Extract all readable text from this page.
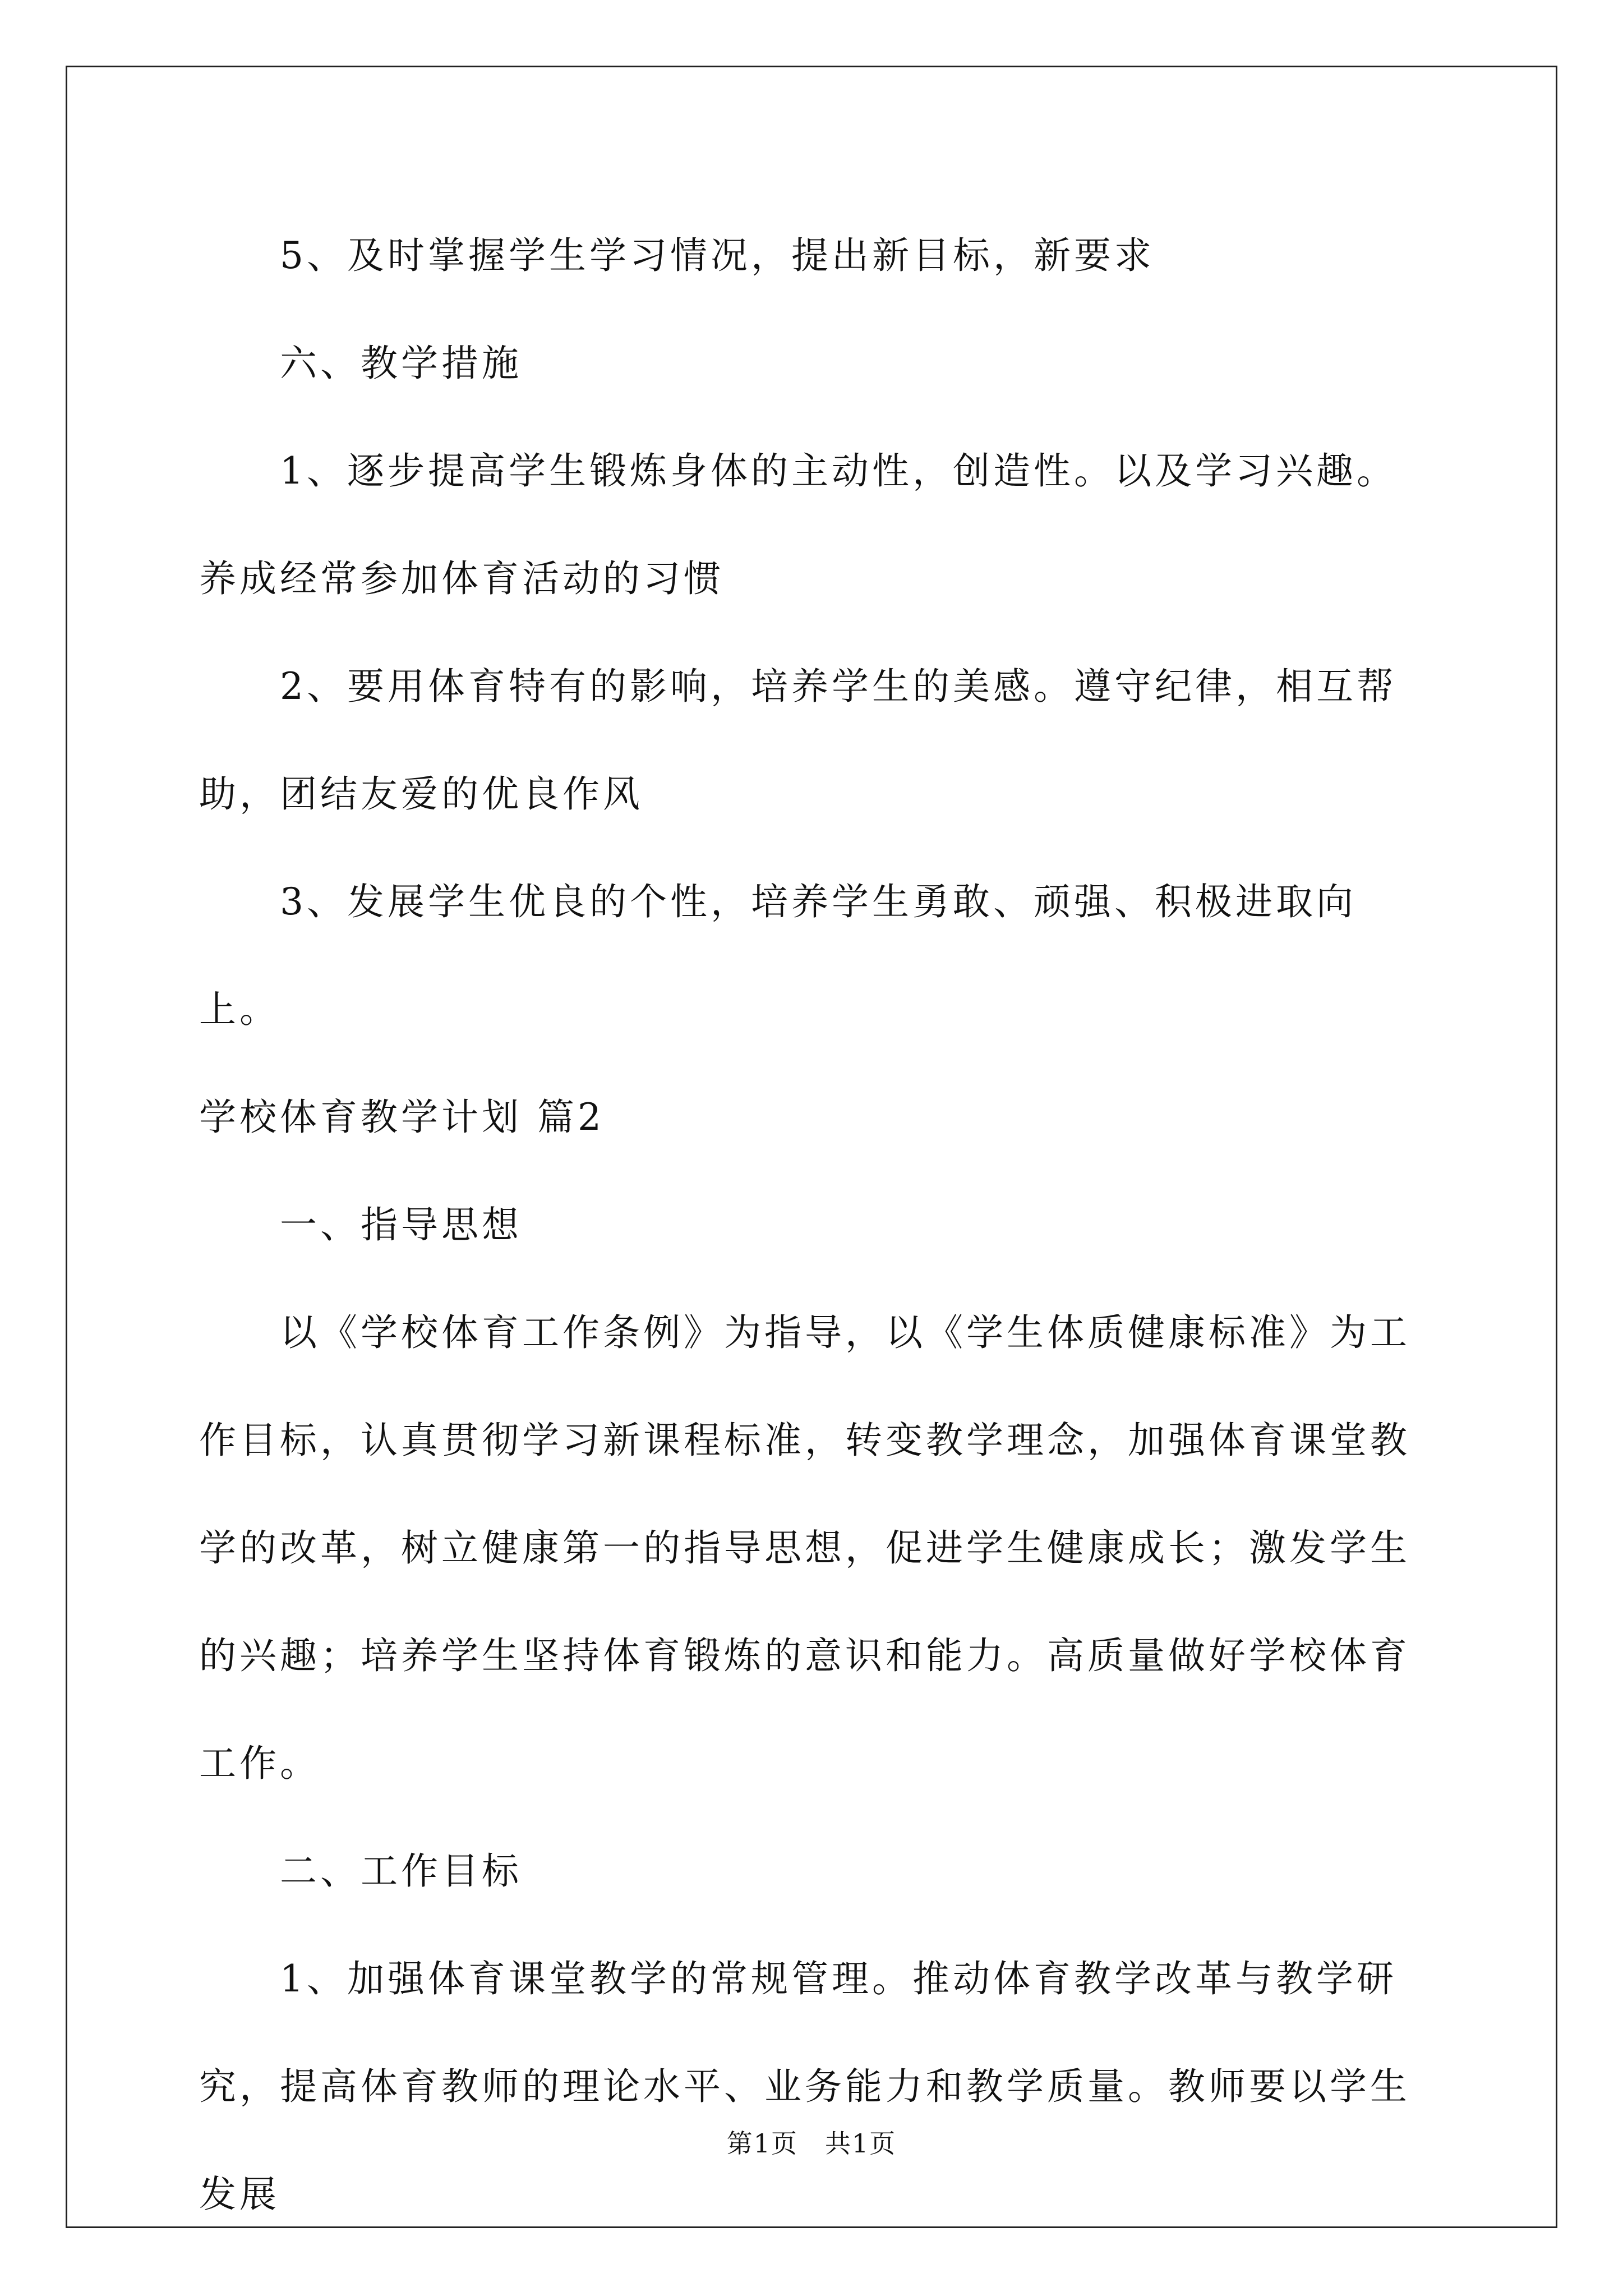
5、及时掌握学生学习情况，提出新目标，新要求

六、教学措施

1、逐步提高学生锻炼身体的主动性，创造性。以及学习兴趣。养成经常参加体育活动的习惯

2、要用体育特有的影响，培养学生的美感。遵守纪律，相互帮助，团结友爱的优良作风

3、发展学生优良的个性，培养学生勇敢、顽强、积极进取向上。

学校体育教学计划 篇2

一、指导思想

以《学校体育工作条例》为指导，以《学生体质健康标准》为工作目标，认真贯彻学习新课程标准，转变教学理念，加强体育课堂教学的改革，树立健康第一的指导思想，促进学生健康成长；激发学生的兴趣；培养学生坚持体育锻炼的意识和能力。高质量做好学校体育工作。

二、工作目标

1、加强体育课堂教学的常规管理。推动体育教学改革与教学研究，提高体育教师的理论水平、业务能力和教学质量。教师要以学生发展

第1页　共1页
